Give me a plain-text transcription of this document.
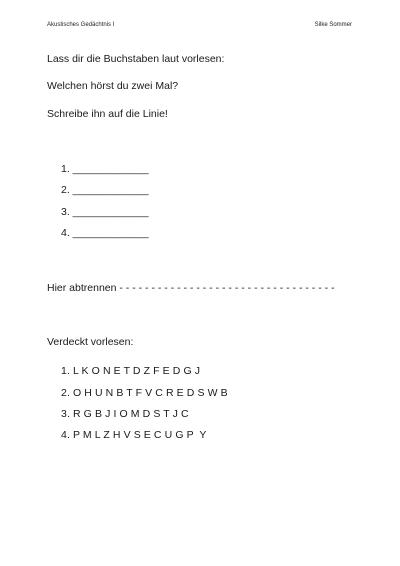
Akustisches Gedächtnis I	Silke Sommer
Lass dir die Buchstaben laut vorlesen:
Welchen hörst du zwei Mal?
Schreibe ihn auf die Linie!
1. _____________
2. _____________
3. _____________
4. _____________
Hier abtrennen - - - - - - - - - - - - - - - - - - - - - - - - - - - - - - - - - -
Verdeckt vorlesen:
1. L K O N E T D Z F E D G J
2. O H U N B T F V C R E D S W B
3. R G B J I O M D S T J C
4. P M L Z H V S E C U G P  Y
